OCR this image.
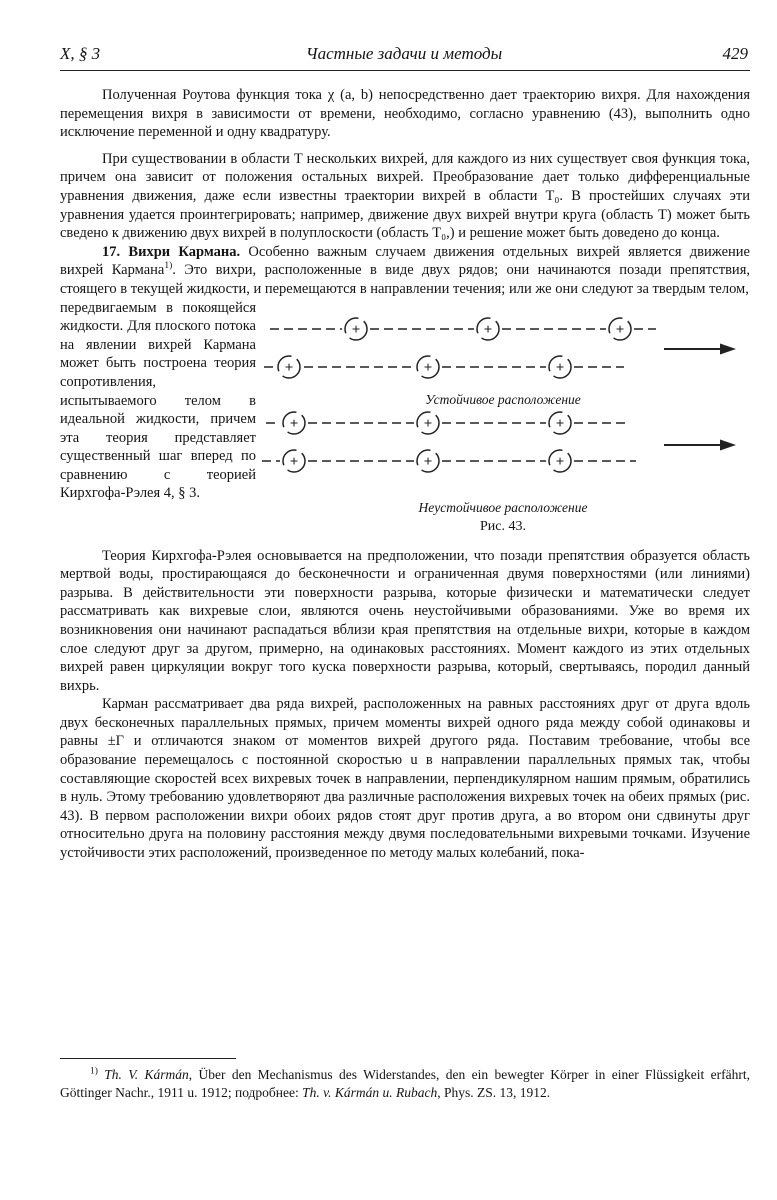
X, § 3	Частные задачи и методы	429

Полученная Роутова функция тока χ (a, b) непосредственно дает траекторию вихря. Для нахождения перемещения вихря в зависимости от времени, необходимо, согласно уравнению (43), выполнить одно исключение переменной и одну квадратуру.

При существовании в области T нескольких вихрей, для каждого из них существует своя функция тока, причем она зависит от положения остальных вихрей. Преобразование дает только дифференциальные уравнения движения, даже если известны траектории вихрей в области T₀. В простейших случаях эти уравнения удается проинтегрировать; например, движение двух вихрей внутри круга (область T) может быть сведено к движению двух вихрей в полуплоскости (область T₀,) и решение может быть доведено до конца.

17. Вихри Кармана. Особенно важным случаем движения отдельных вихрей является движение вихрей Кармана$^{1)}$. Это вихри, расположенные в виде двух рядов; они начинаются позади препятствия, стоящего в текущей жидкости, и перемещаются в направлении течения; или же они следуют за твердым телом,

передвигаемым в покоящейся жидкости. Для плоского потока на явлении вихрей Кармана может быть построена теория сопротивления, испытываемого телом в идеальной жидкости, причем эта теория представляет существенный шаг вперед по сравнению с теорией Кирхгофа-Рэлея 4, § 3.

+	+	+
+	+	+
+	+	+
+	+	+
Устойчивое расположение
Неустойчивое расположение
Рис. 43.

Теория Кирхгофа-Рэлея основывается на предположении, что позади препятствия образуется область мертвой воды, простирающаяся до бесконечности и ограниченная двумя поверхностями (или линиями) разрыва. В действительности эти поверхности разрыва, которые физически и математически следует рассматривать как вихревые слои, являются очень неустойчивыми образованиями. Уже во время их возникновения они начинают распадаться вблизи края препятствия на отдельные вихри, которые в каждом слое следуют друг за другом, примерно, на одинаковых расстояниях. Момент каждого из этих отдельных вихрей равен циркуляции вокруг того куска поверхности разрыва, который, свертываясь, породил данный вихрь.

Карман рассматривает два ряда вихрей, расположенных на равных расстояниях друг от друга вдоль двух бесконечных параллельных прямых, причем моменты вихрей одного ряда между собой одинаковы и равны ±Γ и отличаются знаком от моментов вихрей другого ряда. Поставим требование, чтобы все образование перемещалось с постоянной скоростью u в направлении параллельных прямых так, чтобы составляющие скоростей всех вихревых точек в направлении, перпендикулярном нашим прямым, обратились в нуль. Этому требованию удовлетворяют два различные расположения вихревых точек на обеих прямых (рис. 43). В первом расположении вихри обоих рядов стоят друг против друга, а во втором они сдвинуты друг относительно друга на половину расстояния между двумя последовательными вихревыми точками. Изучение устойчивости этих расположений, произведенное по методу малых колебаний, пока-

$^{1)}$ Th. V. Kármán, Über den Mechanismus des Widerstandes, den ein bewegter Körper in einer Flüssigkeit erfährt, Göttinger Nachr., 1911 u. 1912; подробнее: Th. v. Kármán u. Rubach, Phys. ZS. 13, 1912.
